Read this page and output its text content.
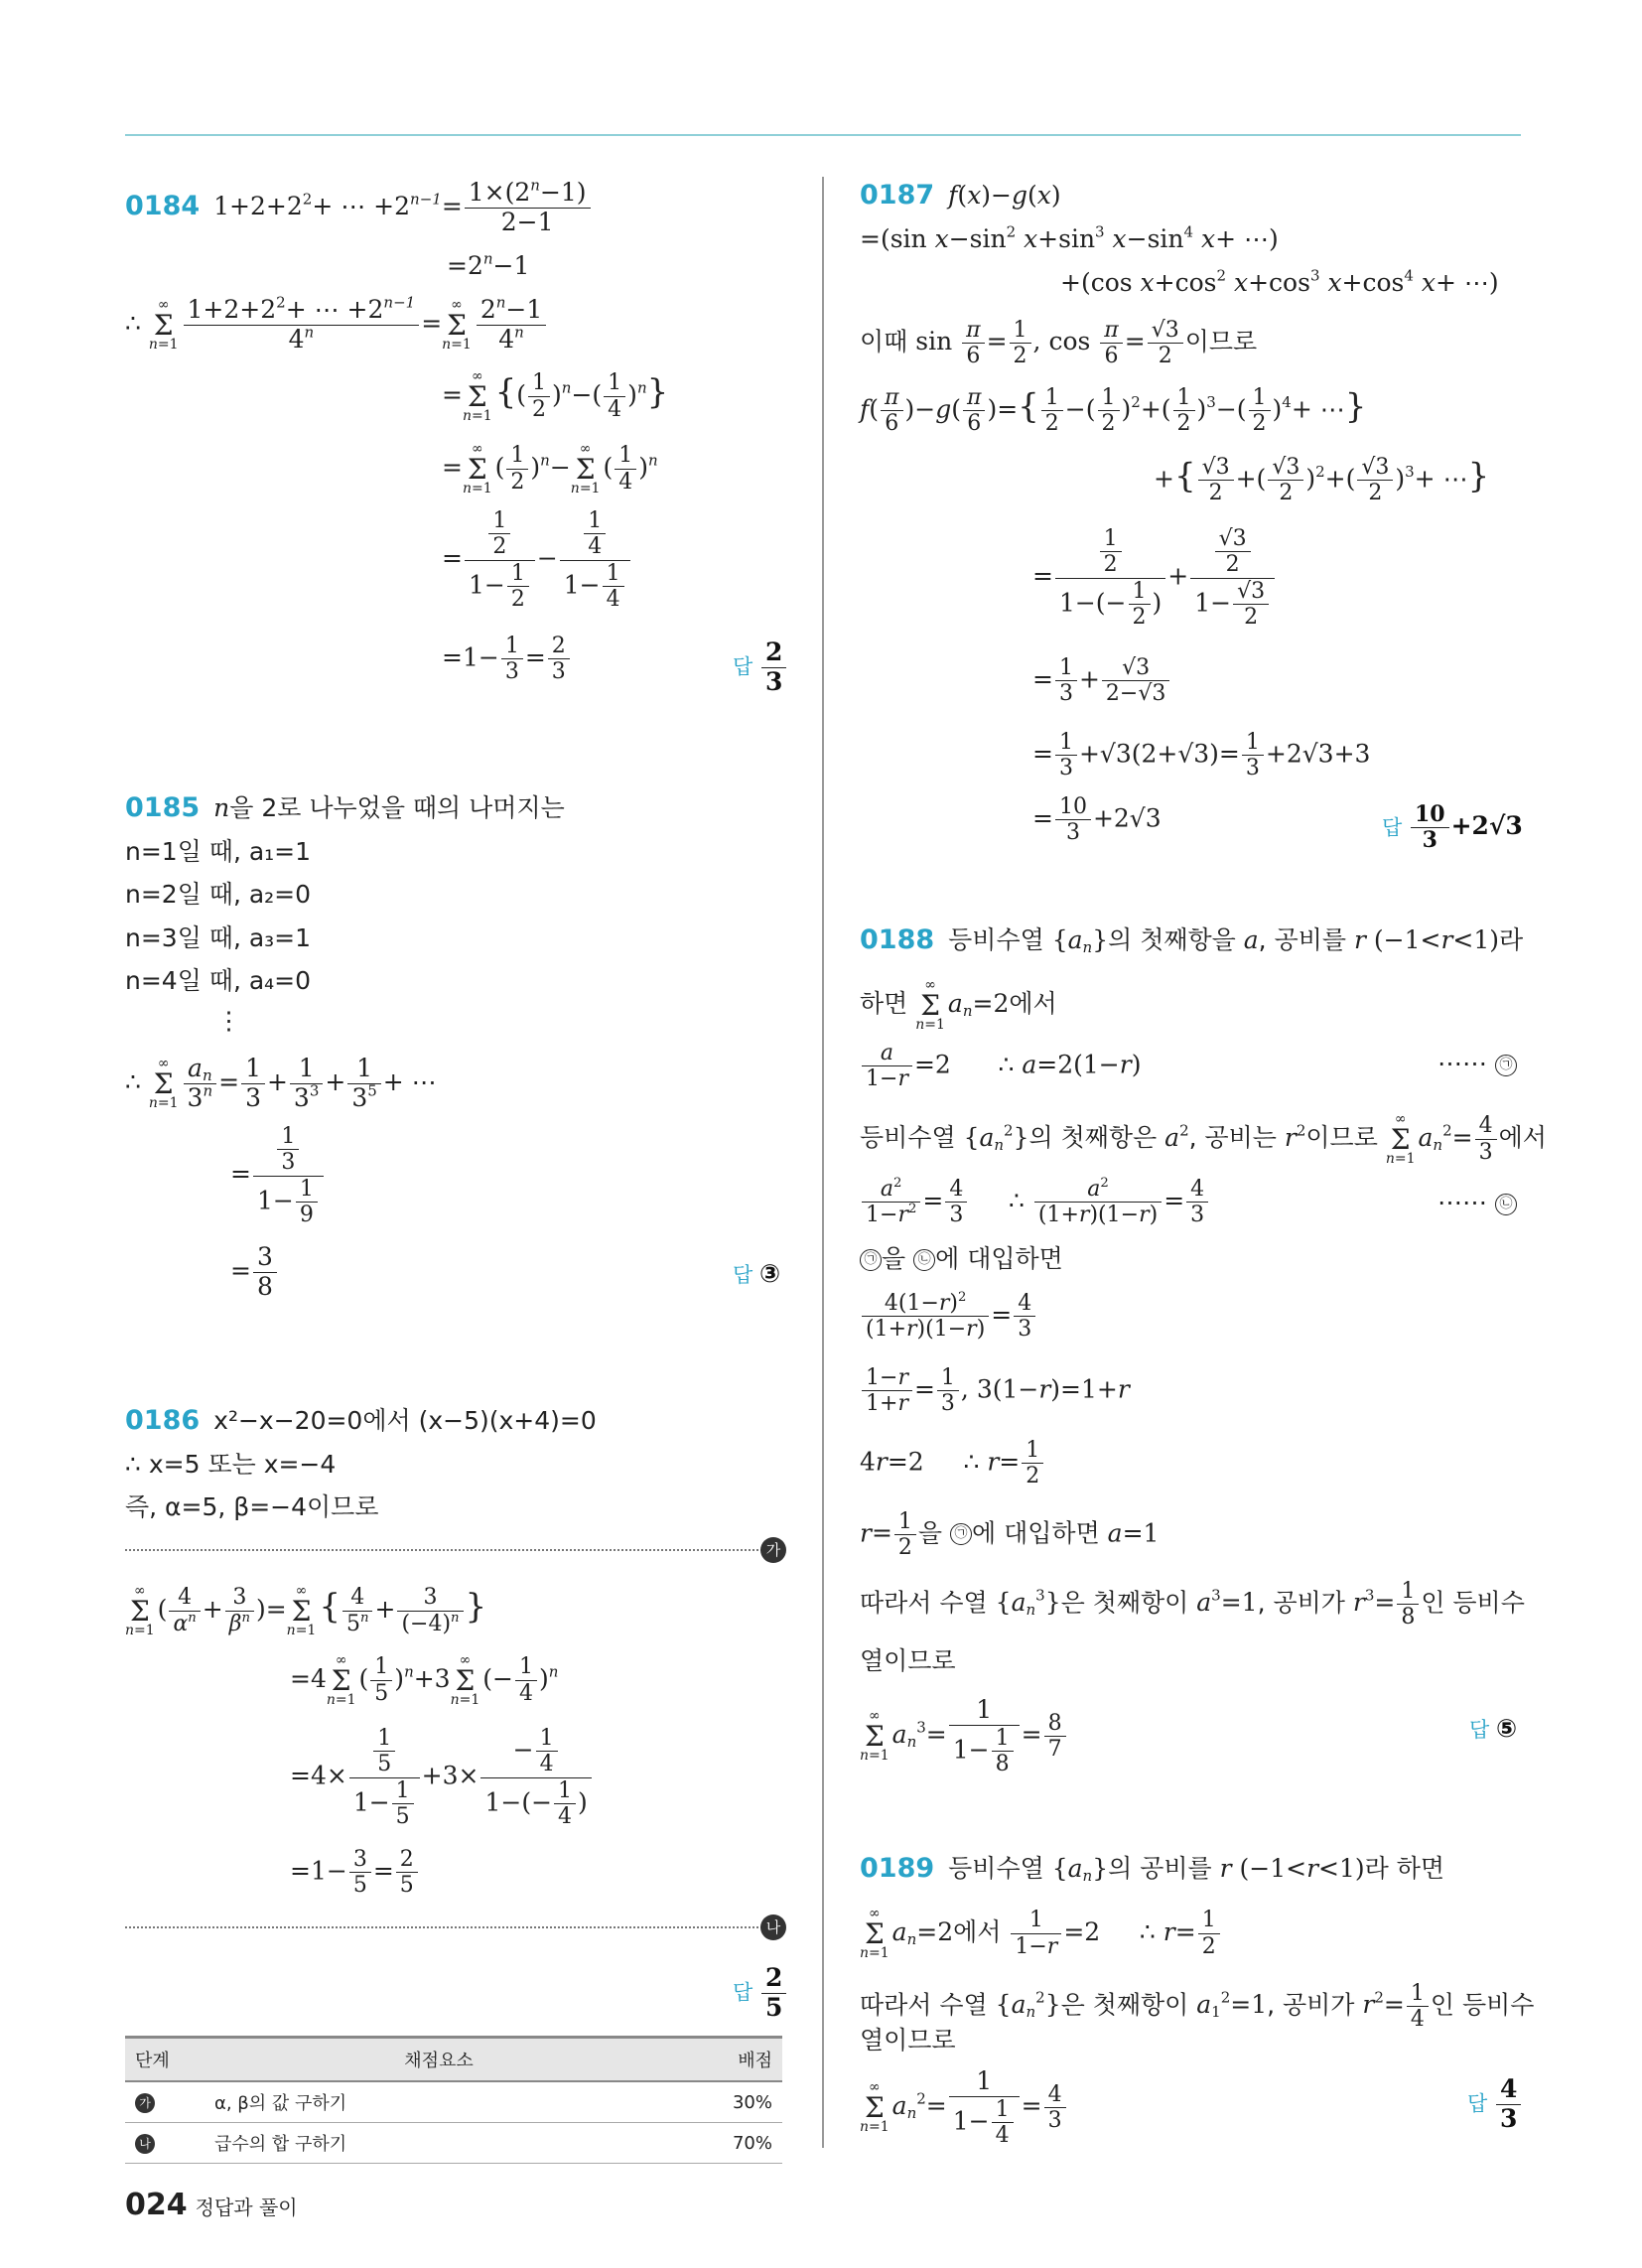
0184 $1+2+2^2+$ ⋯ $+2^{n-1}= \frac{1\times(2^n-1)}{2-1}$
$=2^n-1$
∴ ∞
Σ
$n=1 \frac{1+2+2^2+ \cdots +2^{n-1}}{4^n}$ =∞
Σ
$n=1 \frac{2^n-1}{4^n}$
=∞
Σ
$n=1\{( \frac{1}{2} )^n-( \frac{1}{4} )^n\}$
=∞
Σ
$n=1( \frac{1}{2} )^n-\infty$
Σ
$n=1( \frac{1}{4} )^n$
= $\frac{\frac{1}{2}}{1- \frac{1}{2}} - \frac{\frac{1}{4}}{1- \frac{1}{4}}$
$=1- \frac{1}{3} = \frac{2}{3}$	답 $\frac{2}{3}$
0185 n을 2로 나누었을 때의 나머지는
n=1일 때, a₁=1
n=2일 때, a₂=0
n=3일 때, a₃=1
n=4일 때, a₄=0
⋮
∴ ∞
Σ
$n=1 \frac{a_n}{3^n} = \frac{1}{3} + \frac{1}{3^3} + \frac{1}{3^5}$ + ⋯
= $\frac{\frac{1}{3}}{1- \frac{1}{9}}$
= $\frac{3}{8}$	답 ③
0186 x²−x−20=0에서 (x−5)(x+4)=0
∴ x=5 또는 x=−4
즉, α=5, β=−4이므로
가
∞
Σ
$n=1( \frac{4}{\alpha^n} + \frac{3}{\beta^n}$ )=∞
Σ
$n=1\{ \frac{4}{5^n} + \frac{3}{(-4)^n}$ }
=4∞
Σ
$n=1( \frac{1}{5} )^n+3\infty$
Σ
$n=1(- \frac{1}{4} )^n$
$=4\times \frac{\frac{1}{5}}{1- \frac{1}{5}} +3\times \frac{- \frac{1}{4}}{1-(- \frac{1}{4} )}$
$=1- \frac{3}{5} = \frac{2}{5}$
나
답 $\frac{2}{5}$
단계	채점요소	배점
가	α, β의 값 구하기	30%
나	급수의 합 구하기	70%
0187 f(x)−g(x)
=(sin $x-\sin^2$ $x+\sin^3$ $x-\sin^4$ x+ ⋯)
+(cos $x+\cos^2$ $x+\cos^3$ $x+\cos^4$ x+ ⋯)
이때 $\sin \frac{\pi}{6} = \frac{1}{2}$ , $\cos \frac{\pi}{6} = \frac{√3}{2}$ 이므로
$f( \frac{\pi}{6} )-g( \frac{\pi}{6}$ )={ $\frac{1}{2}$ −( $\frac{1}{2} )^2+( \frac{1}{2} )^3-( \frac{1}{2} )^4+$ ⋯}
+{ $\frac{√3}{2}$ +( $\frac{√3}{2} )^2+( \frac{√3}{2} )^3+$ ⋯}
= $\frac{\frac{1}{2}}{1-(- \frac{1}{2} )} + \frac{\frac{√3}{2}}{1- \frac{√3}{2}}$
= $\frac{1}{3} + \frac{√3}{2-√3}$
= $\frac{1}{3} +√3(2+√3)= \frac{1}{3} +2√3+3$
= $\frac{10}{3} +2√3$	답 $\frac{10}{3} +2√3$
0188 등비수열 $\{a_n\}$의 첫째항을 a, 공비를 r (−1<r<1)라
하면 ∞
Σ
$n=1a_n=2$에서
$\frac{a}{1-r} =2$      ∴ a=2(1−r)	⋯⋯ ㉠
등비수열 $\{a_n^2\}$의 첫째항은 $a^2$, 공비는 $r^2$이므로 ∞
Σ
$n=1a_n^2= \frac{4}{3}$ 에서
$\frac{a^2}{1-r^2} = \frac{4}{3}$ ∴ $\frac{a^2}{(1+r)(1-r)} = \frac{4}{3}$	⋯⋯ ㉡
㉠ 을 ㉡ 에 대입하면
$\frac{4(1-r)^2}{(1+r)(1-r)} = \frac{4}{3}$
$\frac{1-r}{1+r} = \frac{1}{3}$ , 3(1−r)=1+r
4r=2     ∴ $r= \frac{1}{2}$
$r= \frac{1}{2}$ 을 ㉠ 에 대입하면 a=1
따라서 수열 $\{a_n^3\}$은 첫째항이 $a^3=1$, 공비가 $r^3= \frac{1}{8}$ 인 등비수
열이므로
∞
Σ
$n=1a_n^3= \frac{1}{1- \frac{1}{8}} = \frac{8}{7}$	답 ⑤
0189 등비수열 $\{a_n\}$의 공비를 r (−1<r<1)라 하면
∞
Σ
$n=1a_n=2$에서 $\frac{1}{1-r} =2$     ∴ $r= \frac{1}{2}$
따라서 수열 $\{a_n^2\}$은 첫째항이 $a_1^2=1$, 공비가 $r^2= \frac{1}{4}$ 인 등비수
열이므로
∞
Σ
$n=1a_n^2= \frac{1}{1- \frac{1}{4}} = \frac{4}{3}$	답 $\frac{4}{3}$
024 정답과 풀이
